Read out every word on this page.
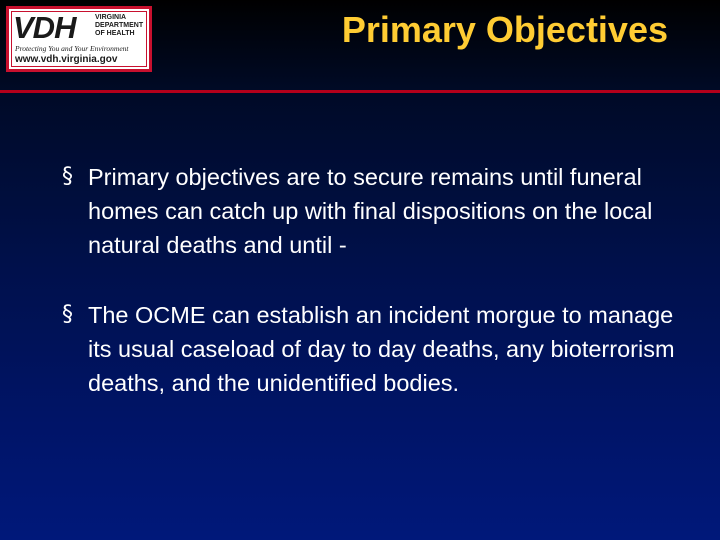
VDH	VIRGINIA
DEPARTMENT
OF HEALTH
Protecting You and Your Environment
www.vdh.virginia.gov
Primary Objectives
§ Primary objectives are to secure remains until funeral homes can catch up with final dispositions on the local natural deaths and until -
§ The OCME can establish an incident morgue to manage its usual caseload of day to day deaths, any bioterrorism deaths, and the unidentified bodies.
